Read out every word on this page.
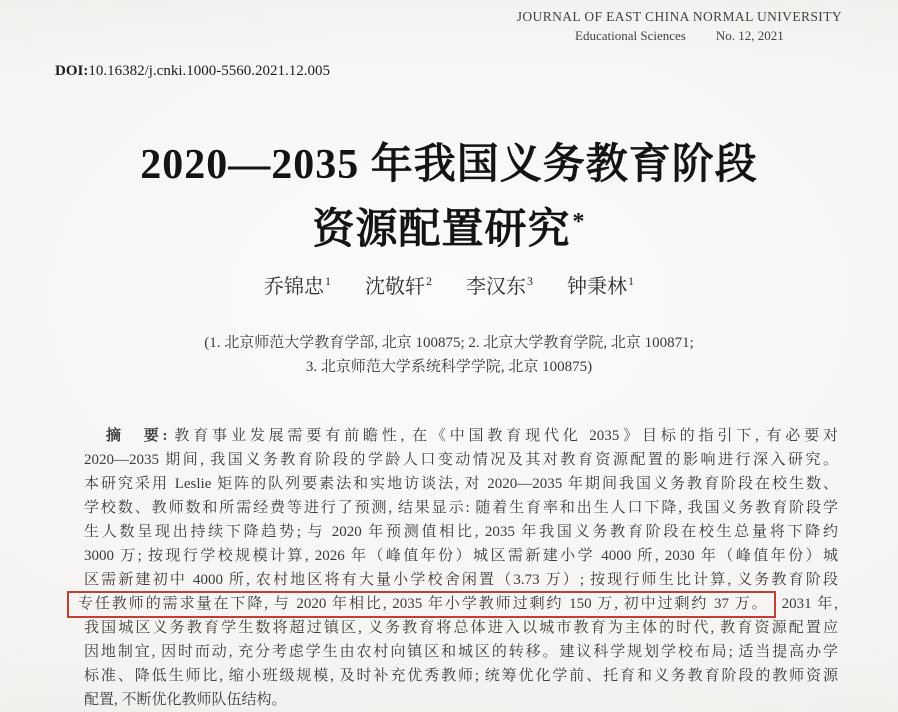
JOURNAL OF EAST CHINA NORMAL UNIVERSITY
Educational Sciences No. 12, 2021
DOI:10.16382/j.cnki.1000-5560.2021.12.005
2020—2035 年我国义务教育阶段
资源配置研究*
乔锦忠$^1$ 沈敬轩$^2$ 李汉东$^3$ 钟秉林$^1$
(1. 北京师范大学教育学部, 北京 100875; 2. 北京大学教育学院, 北京 100871;
3. 北京师范大学系统科学学院, 北京 100875)
摘　要: 教育事业发展需要有前瞻性, 在《中国教育现代化 2035》目标的指引下, 有必要对
2020—2035 期间, 我国义务教育阶段的学龄人口变动情况及其对教育资源配置的影响进行深入研究。
本研究采用 Leslie 矩阵的队列要素法和实地访谈法, 对 2020—2035 年期间我国义务教育阶段在校生数、
学校数、教师数和所需经费等进行了预测, 结果显示: 随着生育率和出生人口下降, 我国义务教育阶段学
生人数呈现出持续下降趋势; 与 2020 年预测值相比, 2035 年我国义务教育阶段在校生总量将下降约
3000 万; 按现行学校规模计算, 2026 年（峰值年份）城区需新建小学 4000 所, 2030 年（峰值年份）城
区需新建初中 4000 所, 农村地区将有大量小学校舍闲置（3.73 万）; 按现行师生比计算, 义务教育阶段
专任教师的需求量在下降, 与 2020 年相比, 2035 年小学教师过剩约 150 万, 初中过剩约 37 万。 2031 年,
我国城区义务教育学生数将超过镇区, 义务教育将总体进入以城市教育为主体的时代, 教育资源配置应
因地制宜, 因时而动, 充分考虑学生由农村向镇区和城区的转移。建议科学规划学校布局; 适当提高办学
标准、降低生师比, 缩小班级规模, 及时补充优秀教师; 统筹优化学前、托育和义务教育阶段的教师资源
配置, 不断优化教师队伍结构。
